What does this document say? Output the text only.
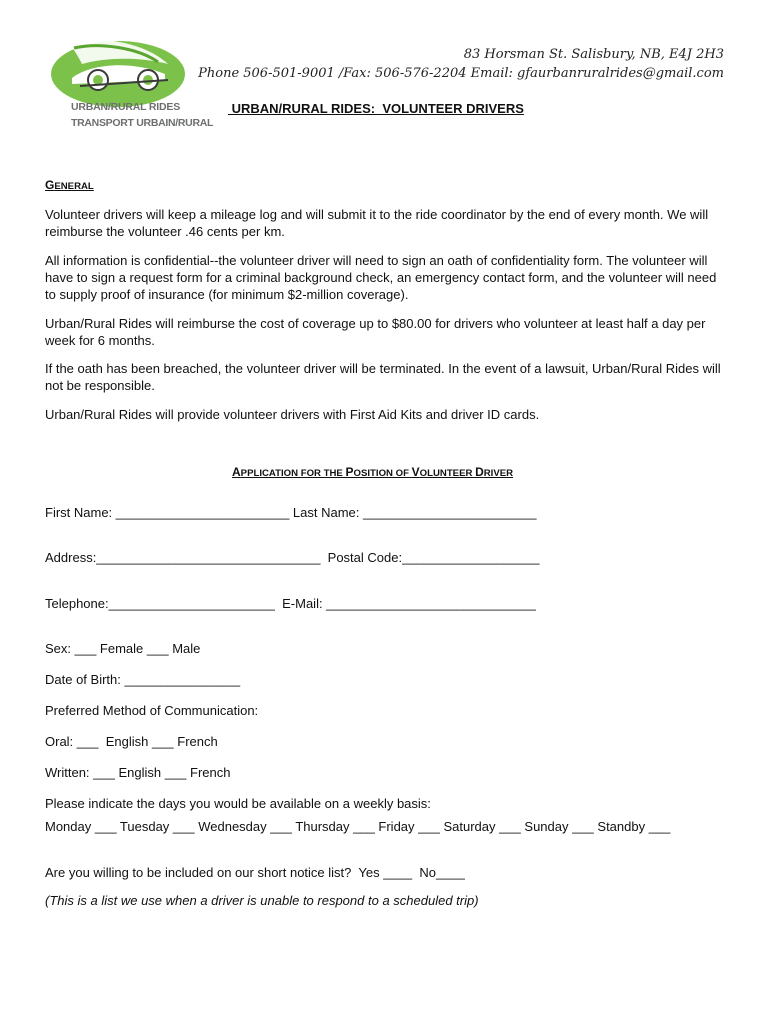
URBAN/RURAL RIDES
TRANSPORT URBAIN/RURAL
83 Horsman St. Salisbury, NB, E4J 2H3
Phone 506-501-9001 /Fax: 506-576-2204 Email: gfaurbanruralrides@gmail.com
URBAN/RURAL RIDES:  VOLUNTEER DRIVERS
GENERAL
Volunteer drivers will keep a mileage log and will submit it to the ride coordinator by the end of every month. We will reimburse the volunteer .46 cents per km.
All information is confidential--the volunteer driver will need to sign an oath of confidentiality form. The volunteer will have to sign a request form for a criminal background check, an emergency contact form, and the volunteer will need to supply proof of insurance (for minimum $2-million coverage).
Urban/Rural Rides will reimburse the cost of coverage up to $80.00 for drivers who volunteer at least half a day per week for 6 months.
If the oath has been breached, the volunteer driver will be terminated. In the event of a lawsuit, Urban/Rural Rides will not be responsible.
Urban/Rural Rides will provide volunteer drivers with First Aid Kits and driver ID cards.
APPLICATION FOR THE POSITION OF VOLUNTEER DRIVER
First Name: ________________________ Last Name: ________________________
Address:_______________________________  Postal Code:___________________
Telephone:_______________________  E-Mail: _____________________________
Sex: ___ Female ___ Male
Date of Birth: ________________
Preferred Method of Communication:
Oral: ___  English ___ French
Written: ___ English ___ French
Please indicate the days you would be available on a weekly basis:
Monday ___ Tuesday ___ Wednesday ___ Thursday ___ Friday ___ Saturday ___ Sunday ___ Standby ___
Are you willing to be included on our short notice list?  Yes ____  No____
(This is a list we use when a driver is unable to respond to a scheduled trip)
